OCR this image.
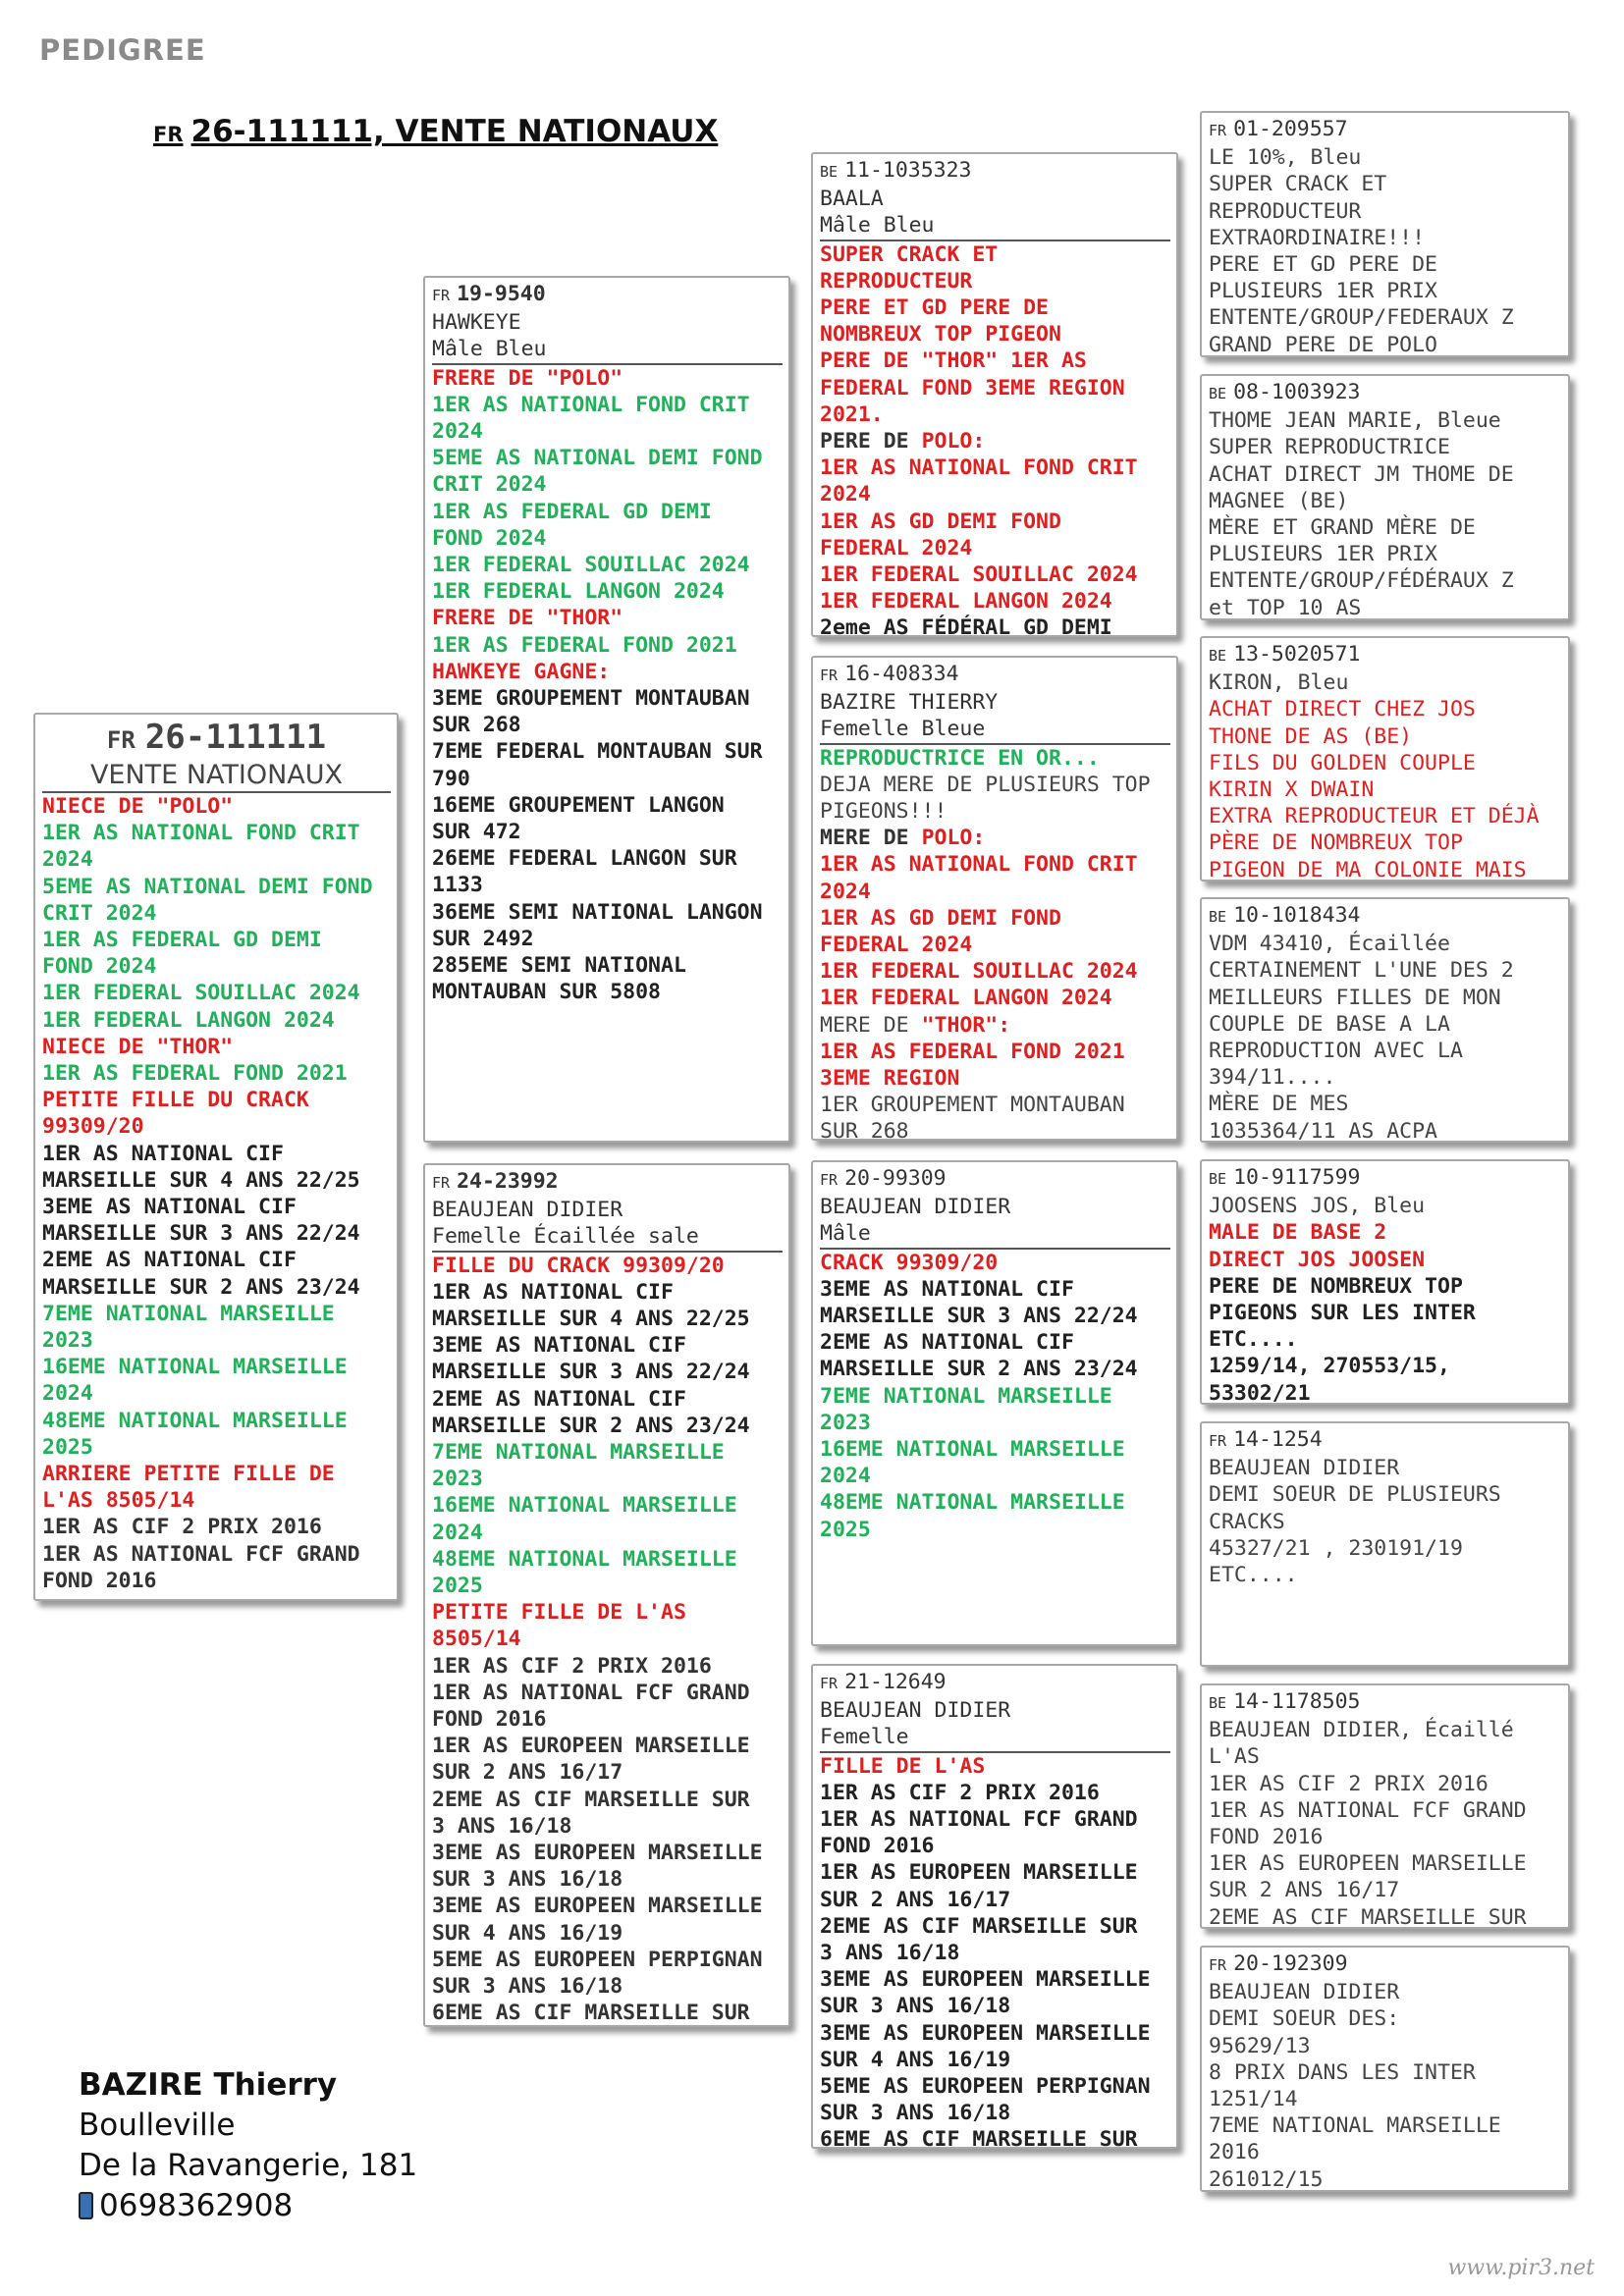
PEDIGREE
FR 26-111111, VENTE NATIONAUX
FR 26-111111
VENTE NATIONAUX
NIECE DE "POLO"
1ER AS NATIONAL FOND CRIT
2024
5EME AS NATIONAL DEMI FOND
CRIT 2024
1ER AS FEDERAL GD DEMI
FOND 2024
1ER FEDERAL SOUILLAC 2024
1ER FEDERAL LANGON 2024
NIECE DE "THOR"
1ER AS FEDERAL FOND 2021
PETITE FILLE DU CRACK
99309/20
1ER AS NATIONAL CIF
MARSEILLE SUR 4 ANS 22/25
3EME AS NATIONAL CIF
MARSEILLE SUR 3 ANS 22/24
2EME AS NATIONAL CIF
MARSEILLE SUR 2 ANS 23/24
7EME NATIONAL MARSEILLE
2023
16EME NATIONAL MARSEILLE
2024
48EME NATIONAL MARSEILLE
2025
ARRIERE PETITE FILLE DE
L'AS 8505/14
1ER AS CIF 2 PRIX 2016
1ER AS NATIONAL FCF GRAND
FOND 2016
FR 19-9540
HAWKEYE
Mâle Bleu
FRERE DE "POLO"
1ER AS NATIONAL FOND CRIT
2024
5EME AS NATIONAL DEMI FOND
CRIT 2024
1ER AS FEDERAL GD DEMI
FOND 2024
1ER FEDERAL SOUILLAC 2024
1ER FEDERAL LANGON 2024
FRERE DE "THOR"
1ER AS FEDERAL FOND 2021
HAWKEYE GAGNE:
3EME GROUPEMENT MONTAUBAN
SUR 268
7EME FEDERAL MONTAUBAN SUR
790
16EME GROUPEMENT LANGON
SUR 472
26EME FEDERAL LANGON SUR
1133
36EME SEMI NATIONAL LANGON
SUR 2492
285EME SEMI NATIONAL
MONTAUBAN SUR 5808
FR 24-23992
BEAUJEAN DIDIER
Femelle Écaillée sale
FILLE DU CRACK 99309/20
1ER AS NATIONAL CIF
MARSEILLE SUR 4 ANS 22/25
3EME AS NATIONAL CIF
MARSEILLE SUR 3 ANS 22/24
2EME AS NATIONAL CIF
MARSEILLE SUR 2 ANS 23/24
7EME NATIONAL MARSEILLE
2023
16EME NATIONAL MARSEILLE
2024
48EME NATIONAL MARSEILLE
2025
PETITE FILLE DE L'AS
8505/14
1ER AS CIF 2 PRIX 2016
1ER AS NATIONAL FCF GRAND
FOND 2016
1ER AS EUROPEEN MARSEILLE
SUR 2 ANS 16/17
2EME AS CIF MARSEILLE SUR
3 ANS 16/18
3EME AS EUROPEEN MARSEILLE
SUR 3 ANS 16/18
3EME AS EUROPEEN MARSEILLE
SUR 4 ANS 16/19
5EME AS EUROPEEN PERPIGNAN
SUR 3 ANS 16/18
6EME AS CIF MARSEILLE SUR
BE 11-1035323
BAALA
Mâle Bleu
SUPER CRACK ET
REPRODUCTEUR
PERE ET GD PERE DE
NOMBREUX TOP PIGEON
PERE DE "THOR" 1ER AS
FEDERAL FOND 3EME REGION
2021.
PERE DE POLO:
1ER AS NATIONAL FOND CRIT
2024
1ER AS GD DEMI FOND
FEDERAL 2024
1ER FEDERAL SOUILLAC 2024
1ER FEDERAL LANGON 2024
2eme AS FÉDÉRAL GD DEMI
FR 16-408334
BAZIRE THIERRY
Femelle Bleue
REPRODUCTRICE EN OR...
DEJA MERE DE PLUSIEURS TOP
PIGEONS!!!
MERE DE POLO:
1ER AS NATIONAL FOND CRIT
2024
1ER AS GD DEMI FOND
FEDERAL 2024
1ER FEDERAL SOUILLAC 2024
1ER FEDERAL LANGON 2024
MERE DE "THOR":
1ER AS FEDERAL FOND 2021
3EME REGION
1ER GROUPEMENT MONTAUBAN
SUR 268
FR 20-99309
BEAUJEAN DIDIER
Mâle
CRACK 99309/20
3EME AS NATIONAL CIF
MARSEILLE SUR 3 ANS 22/24
2EME AS NATIONAL CIF
MARSEILLE SUR 2 ANS 23/24
7EME NATIONAL MARSEILLE
2023
16EME NATIONAL MARSEILLE
2024
48EME NATIONAL MARSEILLE
2025
FR 21-12649
BEAUJEAN DIDIER
Femelle
FILLE DE L'AS
1ER AS CIF 2 PRIX 2016
1ER AS NATIONAL FCF GRAND
FOND 2016
1ER AS EUROPEEN MARSEILLE
SUR 2 ANS 16/17
2EME AS CIF MARSEILLE SUR
3 ANS 16/18
3EME AS EUROPEEN MARSEILLE
SUR 3 ANS 16/18
3EME AS EUROPEEN MARSEILLE
SUR 4 ANS 16/19
5EME AS EUROPEEN PERPIGNAN
SUR 3 ANS 16/18
6EME AS CIF MARSEILLE SUR
FR 01-209557
LE 10%, Bleu
SUPER CRACK ET
REPRODUCTEUR
EXTRAORDINAIRE!!!
PERE ET GD PERE DE
PLUSIEURS 1ER PRIX
ENTENTE/GROUP/FEDERAUX Z
GRAND PERE DE POLO
BE 08-1003923
THOME JEAN MARIE, Bleue
SUPER REPRODUCTRICE
ACHAT DIRECT JM THOME DE
MAGNEE (BE)
MÈRE ET GRAND MÈRE DE
PLUSIEURS 1ER PRIX
ENTENTE/GROUP/FÉDÉRAUX Z
et TOP 10 AS
BE 13-5020571
KIRON, Bleu
ACHAT DIRECT CHEZ JOS
THONE DE AS (BE)
FILS DU GOLDEN COUPLE
KIRIN X DWAIN
EXTRA REPRODUCTEUR ET DÉJÀ
PÈRE DE NOMBREUX TOP
PIGEON DE MA COLONIE MAIS
BE 10-1018434
VDM 43410, Écaillée
CERTAINEMENT L'UNE DES 2
MEILLEURS FILLES DE MON
COUPLE DE BASE A LA
REPRODUCTION AVEC LA
394/11....
MÈRE DE MES
1035364/11 AS ACPA
BE 10-9117599
JOOSENS JOS, Bleu
MALE DE BASE 2
DIRECT JOS JOOSEN
PERE DE NOMBREUX TOP
PIGEONS SUR LES INTER
ETC....
1259/14, 270553/15,
53302/21
FR 14-1254
BEAUJEAN DIDIER
DEMI SOEUR DE PLUSIEURS
CRACKS
45327/21 , 230191/19
ETC....
BE 14-1178505
BEAUJEAN DIDIER, Écaillé
L'AS
1ER AS CIF 2 PRIX 2016
1ER AS NATIONAL FCF GRAND
FOND 2016
1ER AS EUROPEEN MARSEILLE
SUR 2 ANS 16/17
2EME AS CIF MARSEILLE SUR
FR 20-192309
BEAUJEAN DIDIER
DEMI SOEUR DES:
95629/13
8 PRIX DANS LES INTER
1251/14
7EME NATIONAL MARSEILLE
2016
261012/15
BAZIRE Thierry
Boulleville
De la Ravangerie, 181
0698362908
www.pir3.net
